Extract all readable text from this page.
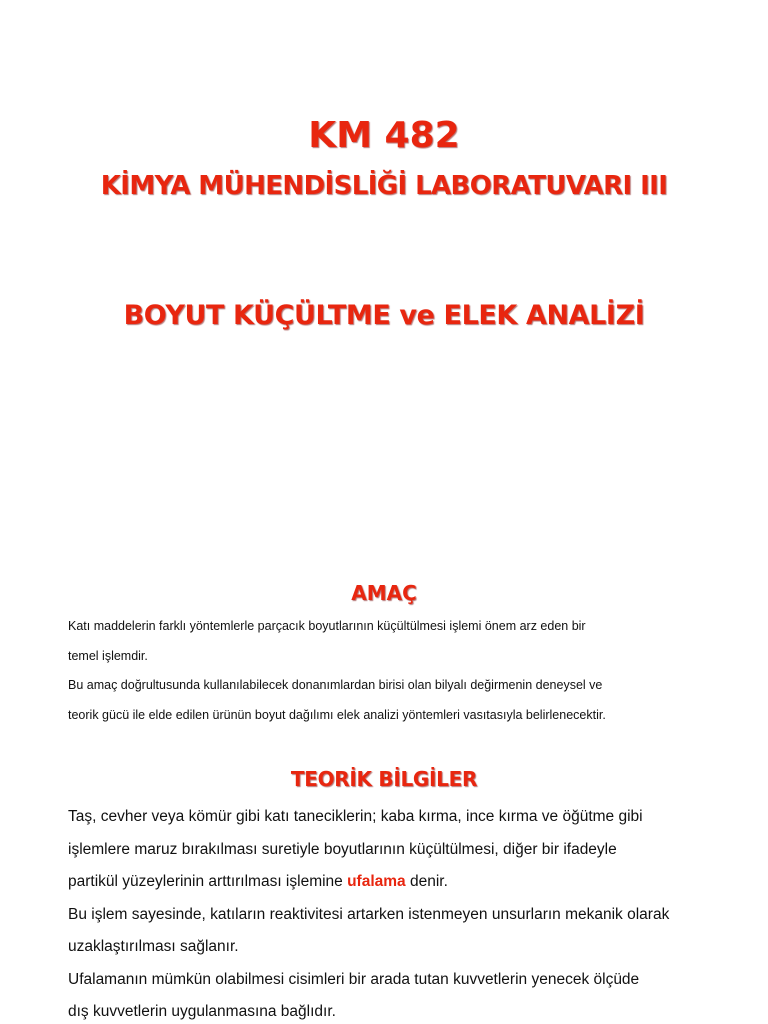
KM 482
KİMYA MÜHENDİSLİĞİ LABORATUVARI III
BOYUT KÜÇÜLTME ve ELEK ANALİZİ
AMAÇ

Katı maddelerin farklı yöntemlerle parçacık boyutlarının küçültülmesi işlemi önem arz eden bir
temel işlemdir.
Bu amaç doğrultusunda kullanılabilecek donanımlardan birisi olan bilyalı değirmenin deneysel ve
teorik gücü ile elde edilen ürünün boyut dağılımı elek analizi yöntemleri vasıtasıyla belirlenecektir.

TEORİK BİLGİLER

Taş, cevher veya kömür gibi katı taneciklerin; kaba kırma, ince kırma ve öğütme gibi
işlemlere maruz bırakılması suretiyle boyutlarının küçültülmesi, diğer bir ifadeyle
partikül yüzeylerinin arttırılması işlemine ufalama denir.
Bu işlem sayesinde, katıların reaktivitesi artarken istenmeyen unsurların mekanik olarak
uzaklaştırılması sağlanır.
Ufalamanın mümkün olabilmesi cisimleri bir arada tutan kuvvetlerin yenecek ölçüde
dış kuvvetlerin uygulanmasına bağlıdır.
